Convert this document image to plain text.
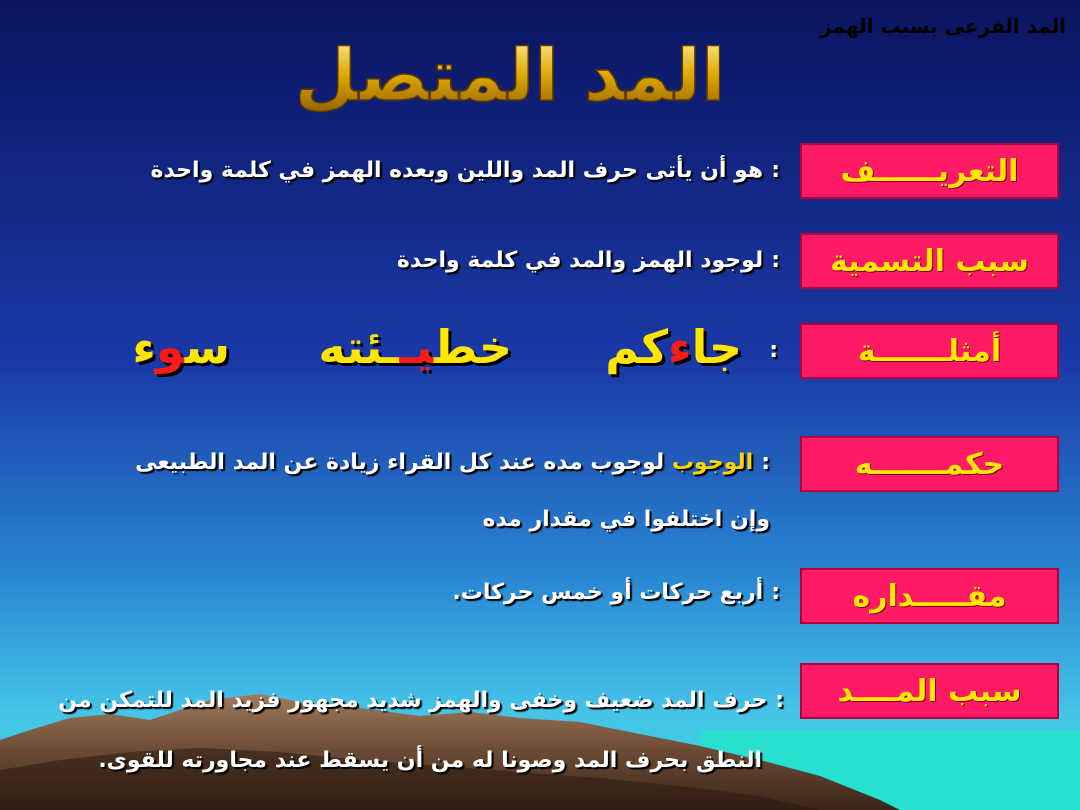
المد الفرعى بسبب الهمز
المد المتصل
التعريــــــف
:هو أن يأتى حرف المد واللين وبعده الهمز في كلمة واحدة
سبب التسمية
:لوجود الهمز والمد في كلمة واحدة
أمثلـــــــة
:
جاءكم
خطيــئته
سوء
حكمـــــــه
:الوجوب لوجوب مده عند كل القراء زيادة عن المد الطبيعى
وإن اختلفوا في مقدار مده
مقـــــداره
:أربع حركات أو خمس حركات.
سبب المــــد
:حرف المد ضعيف وخفى والهمز شديد مجهور فزيد المد للتمكن من
النطق بحرف المد وصونا له من أن يسقط عند مجاورته للقوى.
